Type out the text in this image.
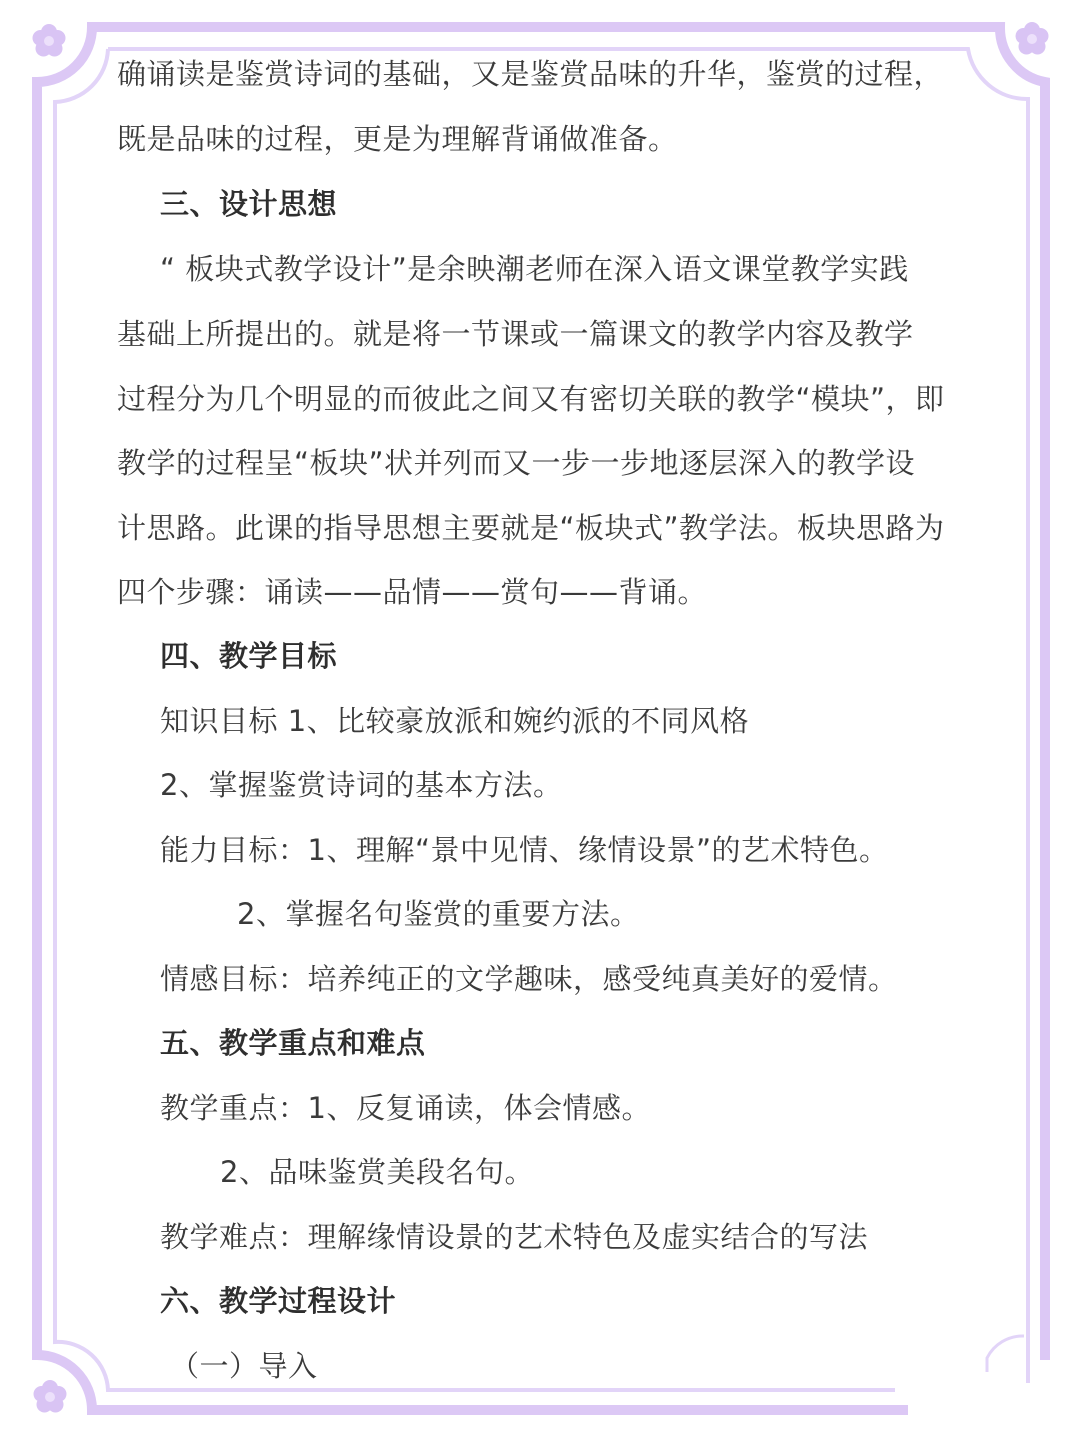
确诵读是鉴赏诗词的基础，又是鉴赏品味的升华，鉴赏的过程，
既是品味的过程，更是为理解背诵做准备。
三、设计思想
“ 板块式教学设计”是余映潮老师在深入语文课堂教学实践
基础上所提出的。就是将一节课或一篇课文的教学内容及教学
过程分为几个明显的而彼此之间又有密切关联的教学“模块”，即
教学的过程呈“板块”状并列而又一步一步地逐层深入的教学设
计思路。此课的指导思想主要就是“板块式”教学法。板块思路为
四个步骤：诵读——品情——赏句——背诵。
四、教学目标
知识目标 1、比较豪放派和婉约派的不同风格
2、掌握鉴赏诗词的基本方法。
能力目标：1、理解“景中见情、缘情设景”的艺术特色。
2、掌握名句鉴赏的重要方法。
情感目标：培养纯正的文学趣味，感受纯真美好的爱情。
五、教学重点和难点
教学重点：1、反复诵读，体会情感。
2、品味鉴赏美段名句。
教学难点：理解缘情设景的艺术特色及虚实结合的写法
六、教学过程设计
（一）导入
